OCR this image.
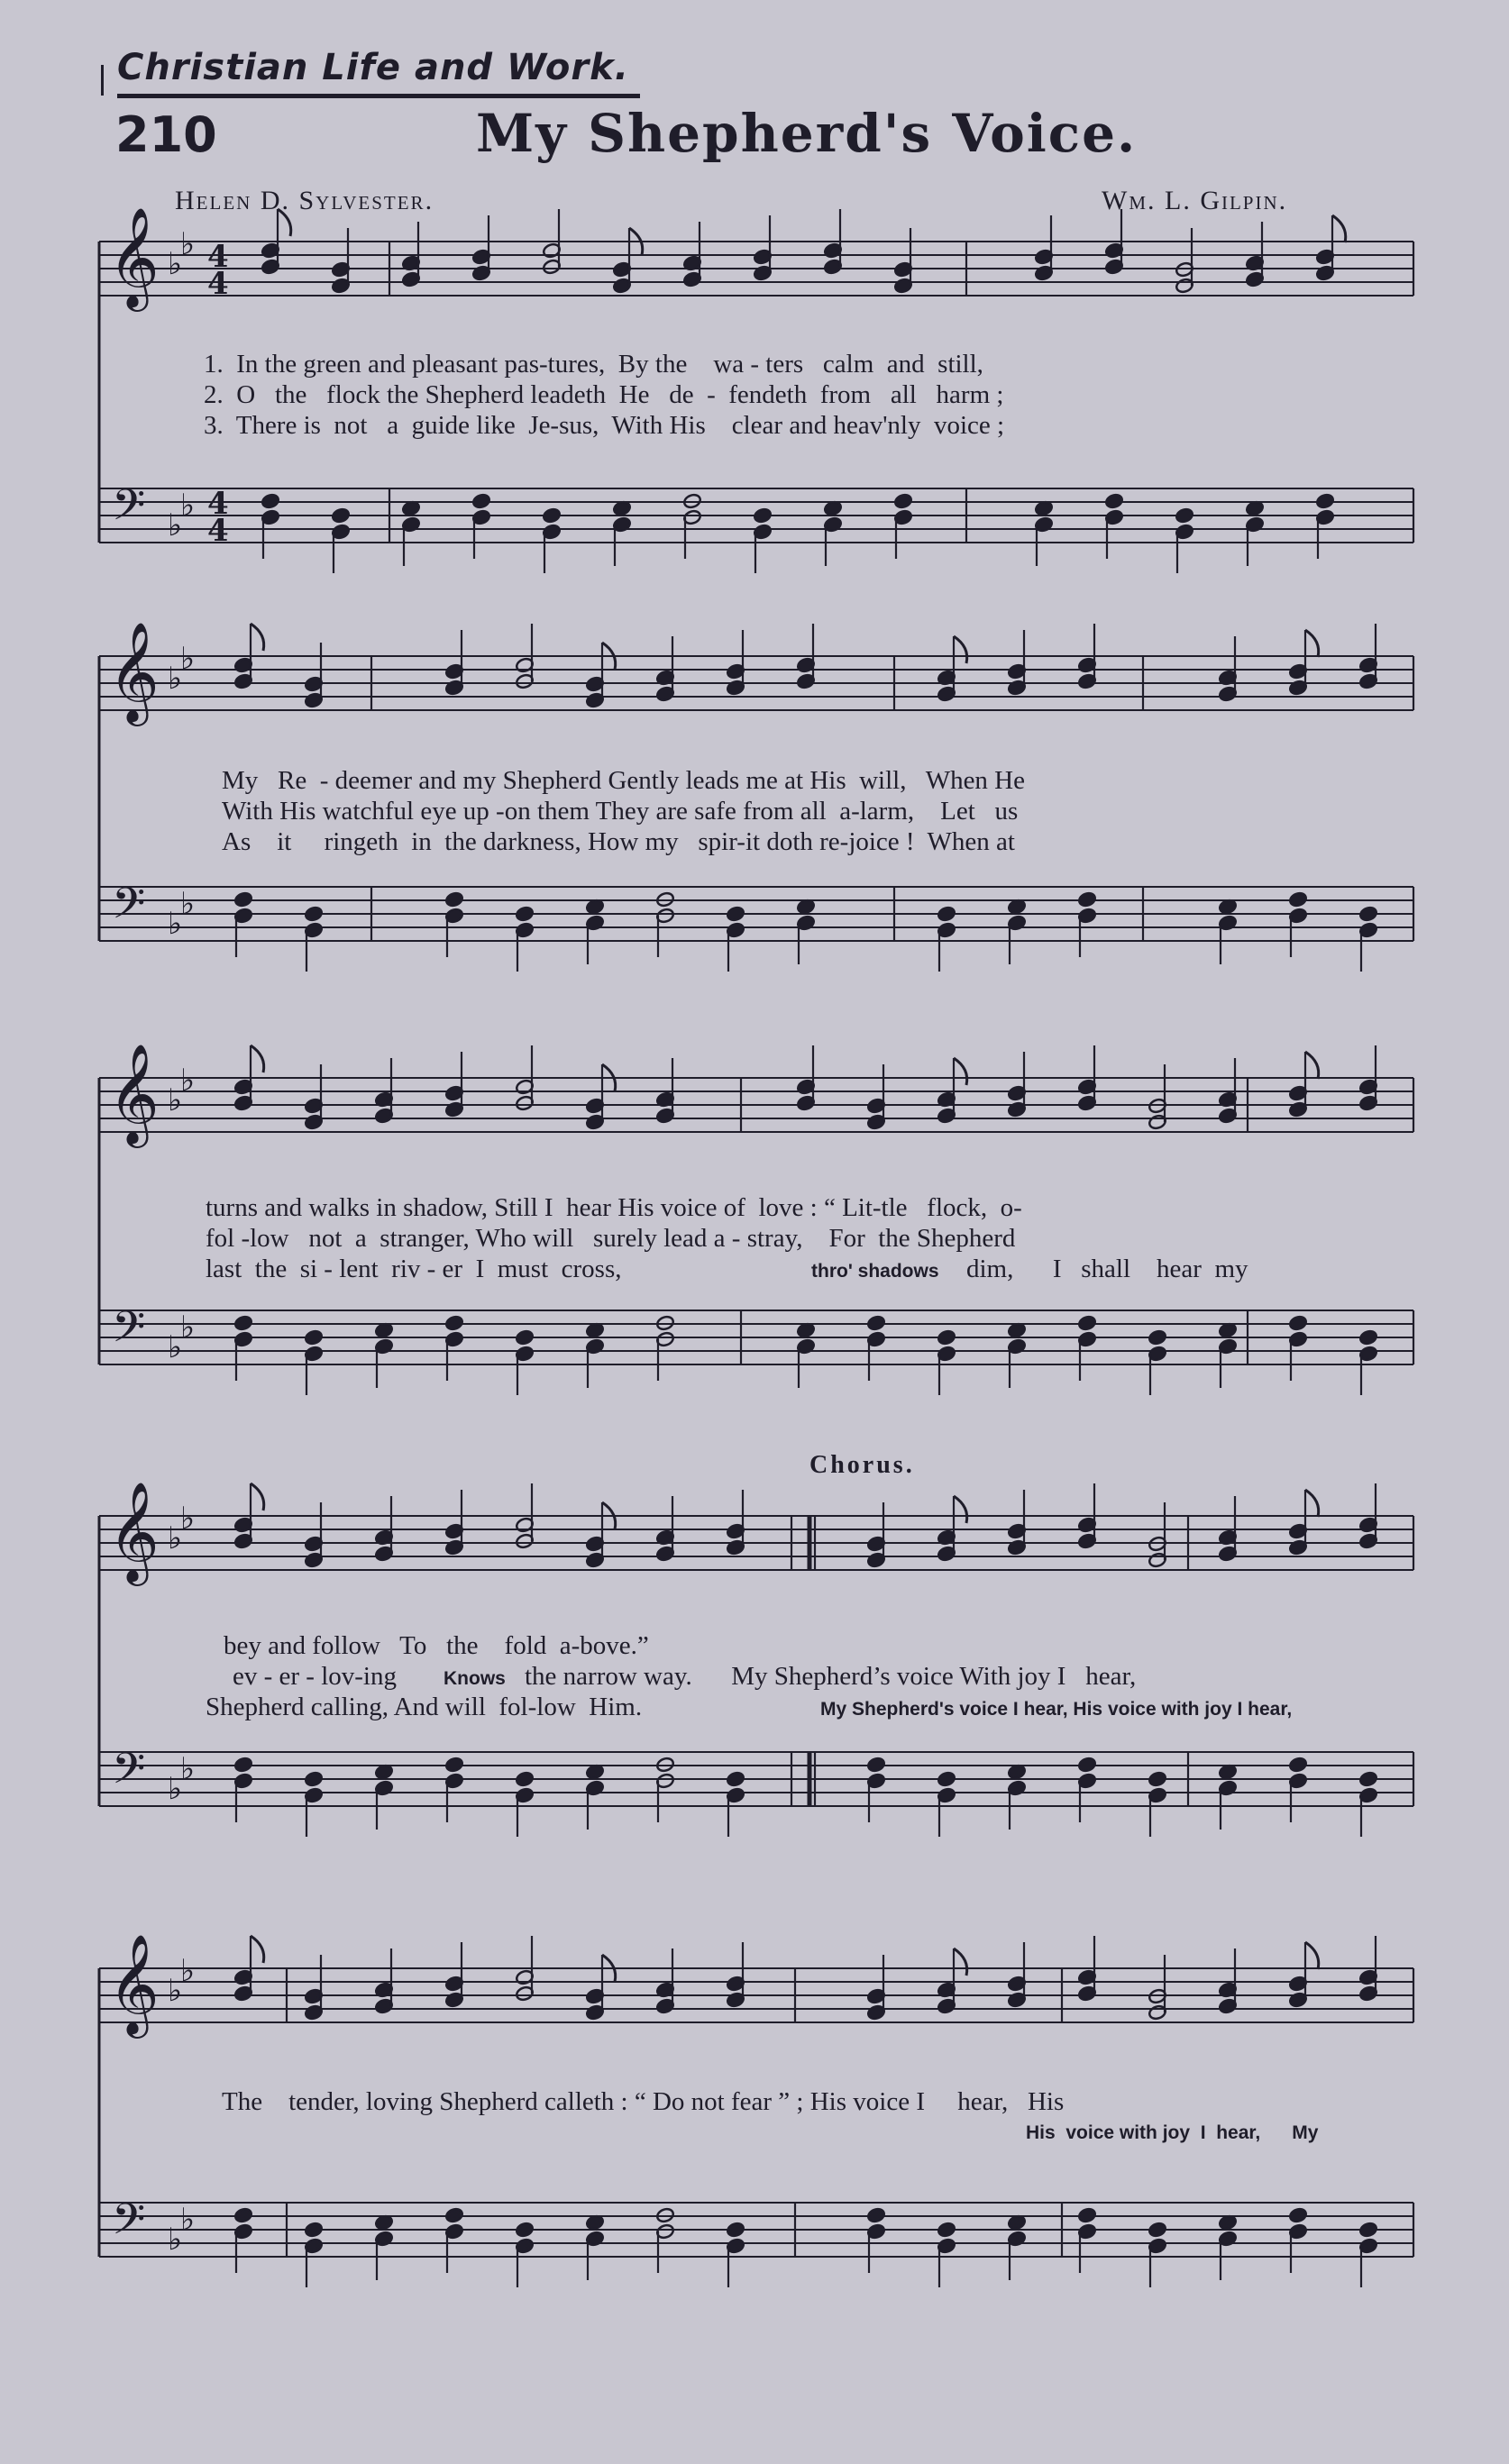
Christian Life and Work.
210	My Shepherd's Voice.
Helen D. Sylvester.	Wm. L. Gilpin.
Chorus.
𝄞
𝄢
♭
♭
♭
♭
4
4
4
4
𝄞
𝄢
♭
♭
♭
♭
𝄞
𝄢
♭
♭
♭
♭
𝄞
𝄢
♭
♭
♭
♭
𝄞
𝄢
♭
♭
♭
♭
1.  In the green and pleasant pas-tures,  By the    wa - ters   calm  and  still,
2.  O   the   flock the Shepherd leadeth  He   de  -  fendeth  from   all   harm ;
3.  There is  not   a  guide like  Je-sus,  With His    clear and heav'nly  voice ;
My   Re  - deemer and my Shepherd Gently leads me at His  will,   When He
With His watchful eye up -on them They are safe from all  a-larm,    Let   us
As    it     ringeth  in  the darkness, How my   spir-it doth re-joice !  When at
turns and walks in shadow, Still I  hear His voice of  love : “ Lit-tle   flock,  o-
fol -low   not  a  stranger, Who will   surely lead a - stray,    For  the Shepherd
last  the  si - lent  riv - er  I  must  cross,	thro' shadows dim,      I   shall    hear  my
bey and follow   To   the    fold  a-bove.”
ev - er - lov-ing Knows the narrow way.      My Shepherd’s voice With joy I   hear,
Shepherd calling, And will  fol-low  Him.	My Shepherd's voice I hear, His voice with joy I hear,
The    tender, loving Shepherd calleth : “ Do not fear ” ; His voice I     hear,   His
His  voice with joy  I  hear,      My
